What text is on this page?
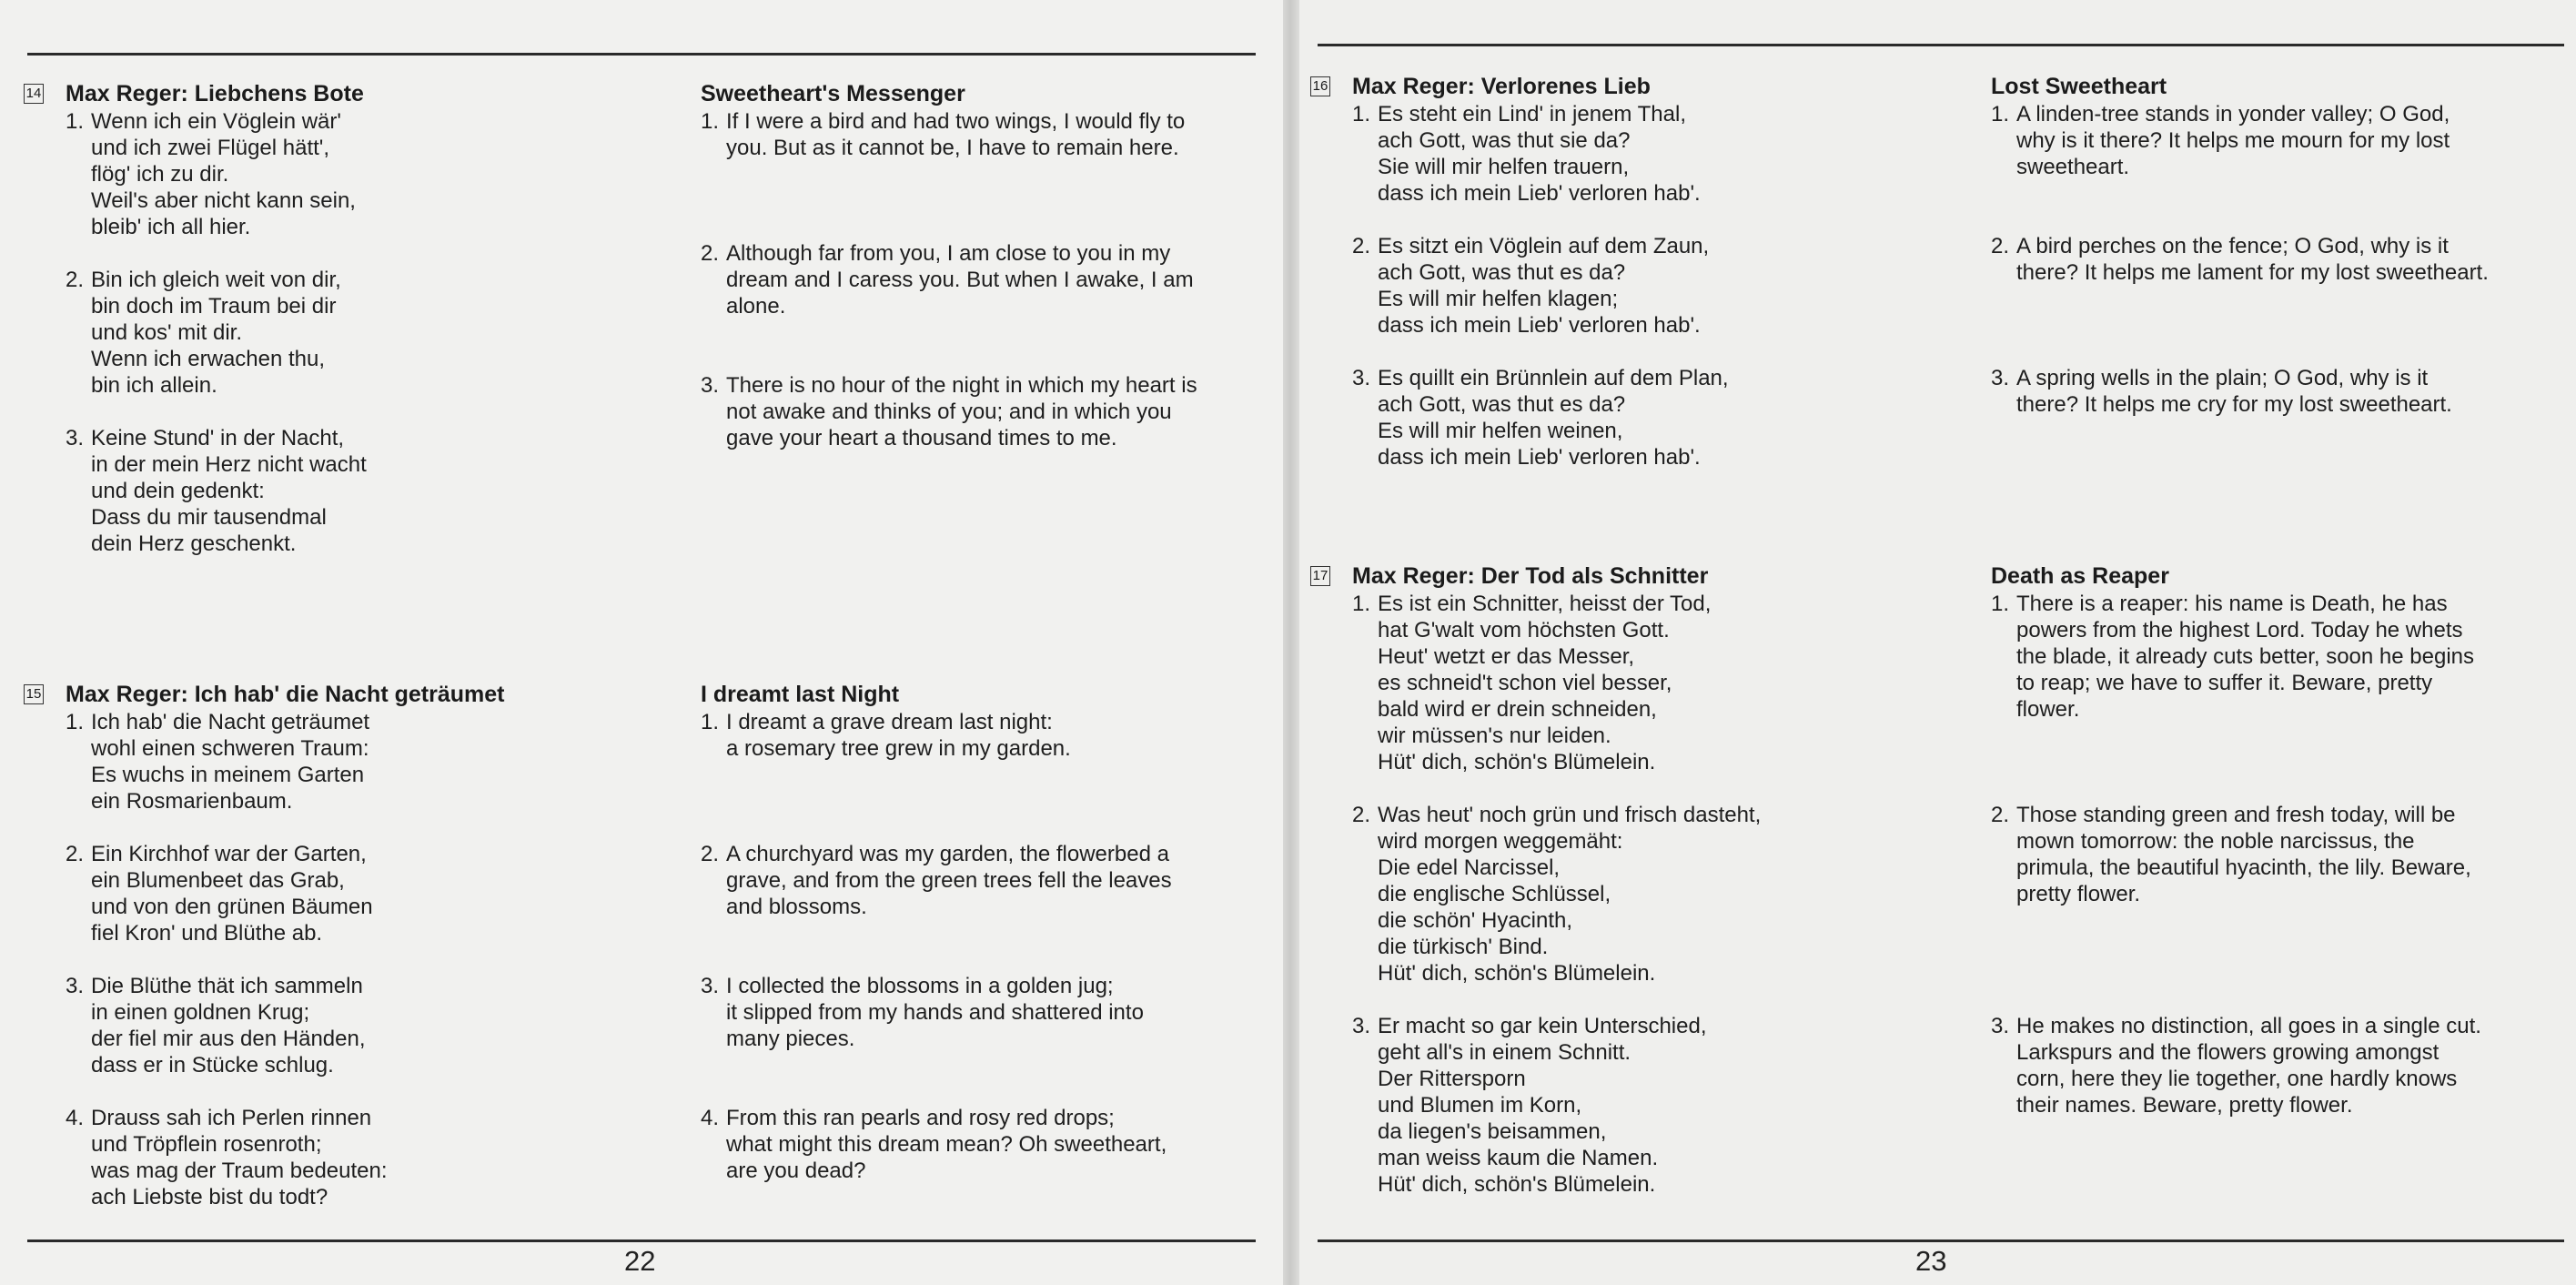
22
14 Max Reger: Liebchens Bote
1. Wenn ich ein Vöglein wär'
und ich zwei Flügel hätt',
flög' ich zu dir.
Weil's aber nicht kann sein,
bleib' ich all hier.
2. Bin ich gleich weit von dir,
bin doch im Traum bei dir
und kos' mit dir.
Wenn ich erwachen thu,
bin ich allein.
3. Keine Stund' in der Nacht,
in der mein Herz nicht wacht
und dein gedenkt:
Dass du mir tausendmal
dein Herz geschenkt.
Sweetheart's Messenger
1. If I were a bird and had two wings, I would fly to
you. But as it cannot be, I have to remain here.
2. Although far from you, I am close to you in my
dream and I caress you. But when I awake, I am
alone.
3. There is no hour of the night in which my heart is
not awake and thinks of you; and in which you
gave your heart a thousand times to me.
15 Max Reger: Ich hab' die Nacht geträumet
1. Ich hab' die Nacht geträumet
wohl einen schweren Traum:
Es wuchs in meinem Garten
ein Rosmarienbaum.
2. Ein Kirchhof war der Garten,
ein Blumenbeet das Grab,
und von den grünen Bäumen
fiel Kron' und Blüthe ab.
3. Die Blüthe thät ich sammeln
in einen goldnen Krug;
der fiel mir aus den Händen,
dass er in Stücke schlug.
4. Drauss sah ich Perlen rinnen
und Tröpflein rosenroth;
was mag der Traum bedeuten:
ach Liebste bist du todt?
I dreamt last Night
1. I dreamt a grave dream last night:
a rosemary tree grew in my garden.
2. A churchyard was my garden, the flowerbed a
grave, and from the green trees fell the leaves
and blossoms.
3. I collected the blossoms in a golden jug;
it slipped from my hands and shattered into
many pieces.
4. From this ran pearls and rosy red drops;
what might this dream mean? Oh sweetheart,
are you dead?
23
16 Max Reger: Verlorenes Lieb
1. Es steht ein Lind' in jenem Thal,
ach Gott, was thut sie da?
Sie will mir helfen trauern,
dass ich mein Lieb' verloren hab'.
2. Es sitzt ein Vöglein auf dem Zaun,
ach Gott, was thut es da?
Es will mir helfen klagen;
dass ich mein Lieb' verloren hab'.
3. Es quillt ein Brünnlein auf dem Plan,
ach Gott, was thut es da?
Es will mir helfen weinen,
dass ich mein Lieb' verloren hab'.
Lost Sweetheart
1. A linden-tree stands in yonder valley; O God,
why is it there? It helps me mourn for my lost
sweetheart.
2. A bird perches on the fence; O God, why is it
there? It helps me lament for my lost sweetheart.
3. A spring wells in the plain; O God, why is it
there? It helps me cry for my lost sweetheart.
17 Max Reger: Der Tod als Schnitter
1. Es ist ein Schnitter, heisst der Tod,
hat G'walt vom höchsten Gott.
Heut' wetzt er das Messer,
es schneid't schon viel besser,
bald wird er drein schneiden,
wir müssen's nur leiden.
Hüt' dich, schön's Blümelein.
2. Was heut' noch grün und frisch dasteht,
wird morgen weggemäht:
Die edel Narcissel,
die englische Schlüssel,
die schön' Hyacinth,
die türkisch' Bind.
Hüt' dich, schön's Blümelein.
3. Er macht so gar kein Unterschied,
geht all's in einem Schnitt.
Der Rittersporn
und Blumen im Korn,
da liegen's beisammen,
man weiss kaum die Namen.
Hüt' dich, schön's Blümelein.
Death as Reaper
1. There is a reaper: his name is Death, he has
powers from the highest Lord. Today he whets
the blade, it already cuts better, soon he begins
to reap; we have to suffer it. Beware, pretty
flower.
2. Those standing green and fresh today, will be
mown tomorrow: the noble narcissus, the
primula, the beautiful hyacinth, the lily. Beware,
pretty flower.
3. He makes no distinction, all goes in a single cut.
Larkspurs and the flowers growing amongst
corn, here they lie together, one hardly knows
their names. Beware, pretty flower.
